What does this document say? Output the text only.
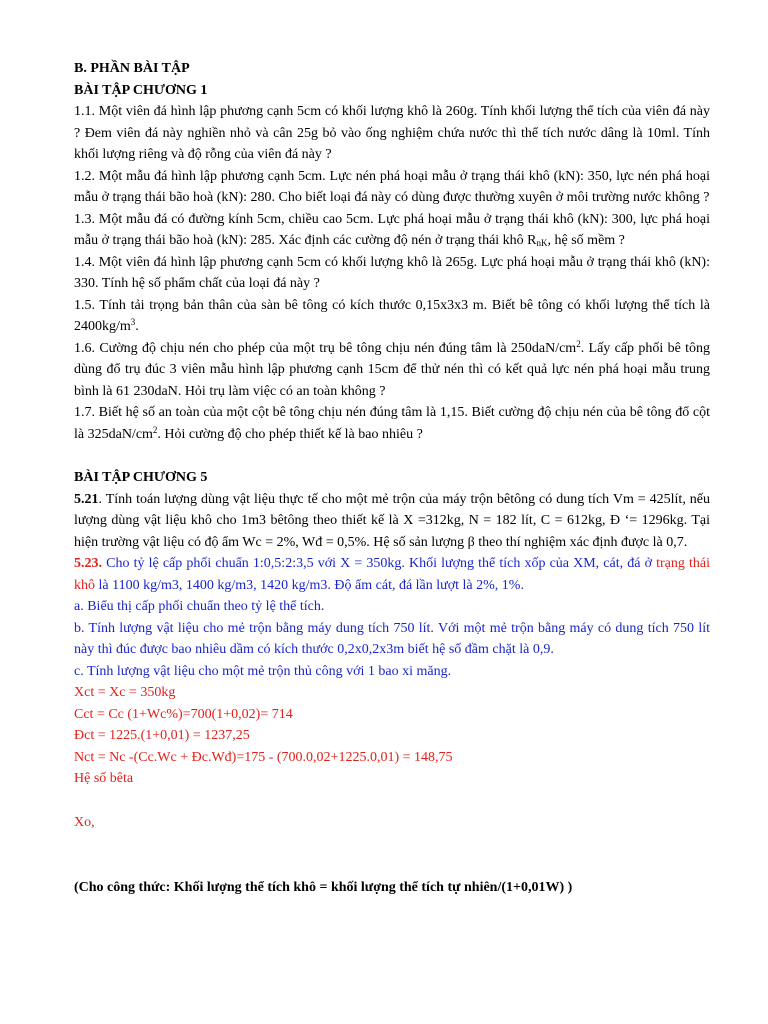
B. PHẦN BÀI TẬP

BÀI TẬP CHƯƠNG 1

1.1. Một viên đá hình lập phương cạnh 5cm có khối lượng khô là 260g. Tính khối lượng thể tích của viên đá này ? Đem viên đá này nghiền nhỏ và cân 25g bỏ vào ống nghiệm chứa nước thì thể tích nước dâng là 10ml. Tính khối lượng riêng và độ rỗng của viên đá này ?

1.2. Một mẫu đá hình lập phương cạnh 5cm. Lực nén phá hoại mẫu ở trạng thái khô (kN): 350, lực nén phá hoại mẫu ở trạng thái bão hoà (kN): 280. Cho biết loại đá này có dùng được thường xuyên ở môi trường nước không ?

1.3. Một mẫu đá có đường kính 5cm, chiều cao 5cm. Lực phá hoại mẫu ở trạng thái khô (kN): 300, lực phá hoại mẫu ở trạng thái bão hoà (kN): 285. Xác định các cường độ nén ở trạng thái khô $R_{nK}$, hệ số mềm ?

1.4. Một viên đá hình lập phương cạnh 5cm có khối lượng khô là 265g. Lực phá hoại mẫu ở trạng thái khô (kN): 330. Tính hệ số phẩm chất của loại đá này ?

1.5. Tính tải trọng bản thân của sàn bê tông có kích thước 0,15x3x3 m. Biết bê tông có khối lượng thể tích là $2400kg/m^3$.

1.6. Cường độ chịu nén cho phép của một trụ bê tông chịu nén đúng tâm là $250daN/cm^2$. Lấy cấp phối bê tông dùng đổ trụ đúc 3 viên mẫu hình lập phương cạnh 15cm để thử nén thì có kết quả lực nén phá hoại mẫu trung bình là 61 230daN. Hỏi trụ làm việc có an toàn không ?

1.7. Biết hệ số an toàn của một cột bê tông chịu nén đúng tâm là 1,15. Biết cường độ chịu nén của bê tông đổ cột là $325daN/cm^2$. Hỏi cường độ cho phép thiết kế là bao nhiêu ?

BÀI TẬP CHƯƠNG 5

5.21. Tính toán lượng dùng vật liệu thực tế cho một mẻ trộn của máy trộn bêtông có dung tích Vm = 425lít, nếu lượng dùng vật liệu khô cho 1m3 bêtông theo thiết kế là X =312kg, N = 182 lít, C = 612kg, Đ ‘= 1296kg. Tại hiện trường vật liệu có độ ẩm Wc = 2%, Wđ = 0,5%. Hệ số sản lượng β theo thí nghiệm xác định được là 0,7.

5.23. Cho tỷ lệ cấp phối chuẩn 1:0,5:2:3,5 với X = 350kg. Khối lượng thể tích xốp của XM, cát, đá ở trạng thái khô là 1100 kg/m3, 1400 kg/m3, 1420 kg/m3. Độ ẩm cát, đá lần lượt là 2%, 1%.

a. Biểu thị cấp phối chuẩn theo tỷ lệ thể tích.

b. Tính lượng vật liệu cho mẻ trộn bằng máy dung tích 750 lít. Với một mẻ trộn bằng máy có dung tích 750 lít này thì đúc được bao nhiêu dầm có kích thước 0,2x0,2x3m biết hệ số đầm chặt là 0,9.

c. Tính lượng vật liệu cho một mẻ trộn thủ công với 1 bao xi măng.

Xct = Xc = 350kg

Cct = Cc (1+Wc%)=700(1+0,02)= 714

Đct = 1225.(1+0,01) = 1237,25

Nct = Nc -(Cc.Wc + Đc.Wđ)=175 - (700.0,02+1225.0,01) = 148,75

Hệ số bêta

Xo,

(Cho công thức: Khối lượng thể tích khô = khối lượng thể tích tự nhiên/(1+0,01W) )
